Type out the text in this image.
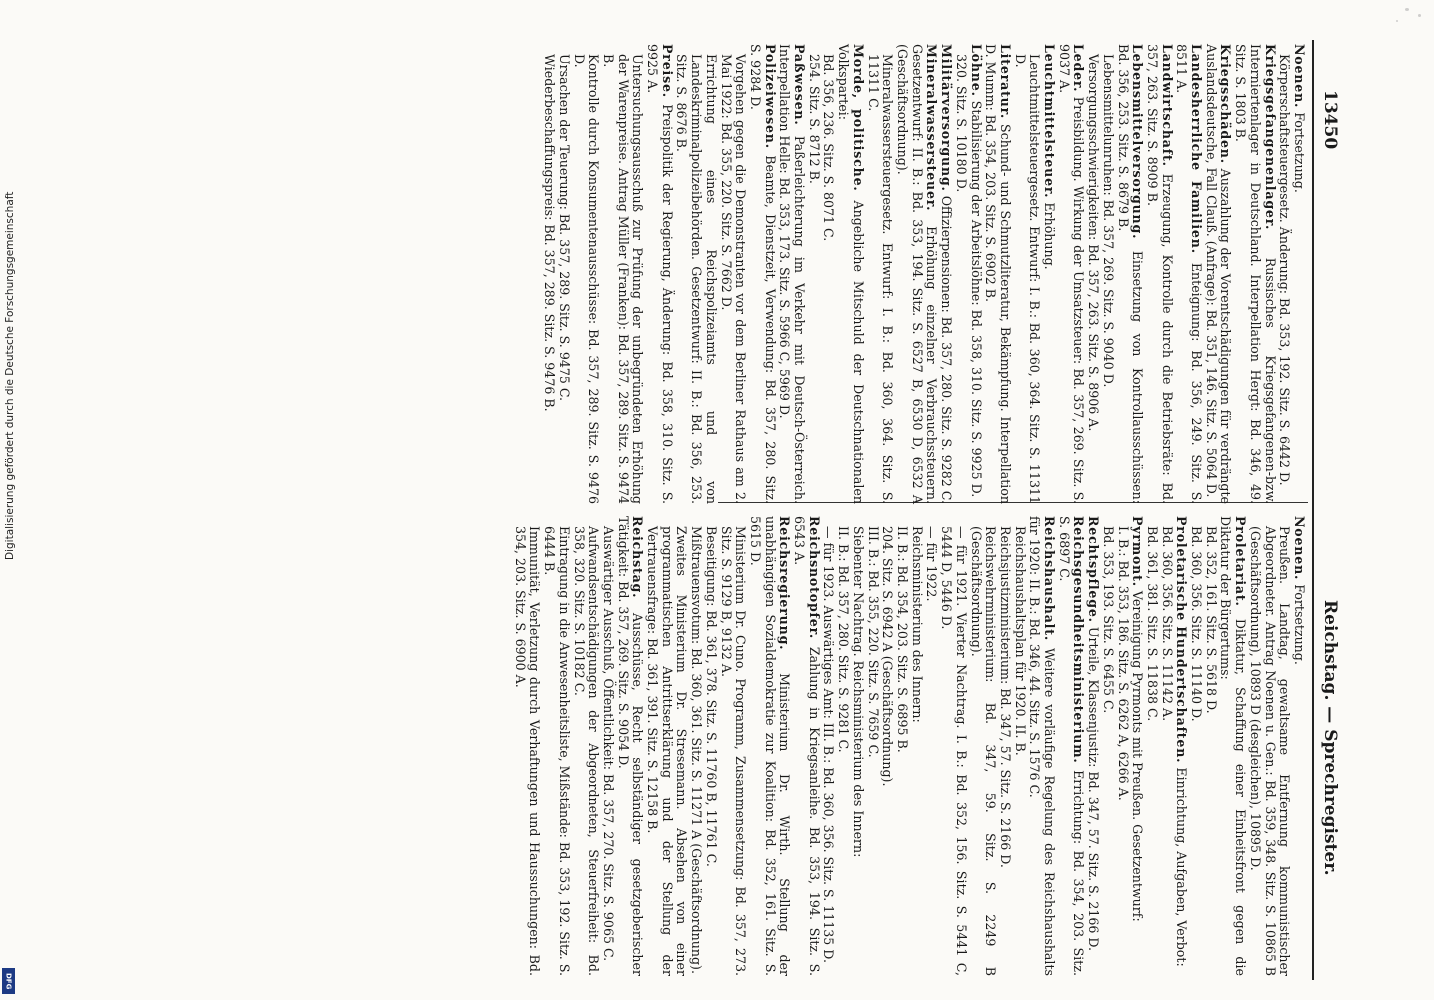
13450
Reichstag. — Sprechregister.
Noenen. Fortsetzung.
Körperschaftsteuergesetz. Änderung: Bd. 353, 192. Sitz. S. 6442 D.
Kriegsgefangenenlager. Russisches Kriegsgefangenen-bzw. Interniertenlager in Deutschland. Interpellation Hergt: Bd. 346, 49. Sitz. S. 1803 B.
Kriegsschäden. Auszahlung der Vorentschädigungen für verdrängte Auslandsdeutsche, Fall Clauß. (Anfrage): Bd. 351, 146. Sitz. S. 5064 D.
Landesherrliche Familien. Enteignung: Bd. 356, 249. Sitz. S. 8511 A.
Landwirtschaft. Erzeugung, Kontrolle durch die Betriebsräte: Bd. 357, 263. Sitz. S. 8909 B.
Lebensmittelversorgung. Einsetzung von Kontrollausschüssen: Bd. 356, 253. Sitz. S. 8679 B.
Lebensmittelunruhen: Bd. 357, 269. Sitz. S. 9040 D.
Versorgungsschwierigkeiten: Bd. 357, 263. Sitz. S. 8906 A.
Leder. Preisbildung. Wirkung der Umsatzsteuer: Bd. 357, 269. Sitz. S. 9037 A.
Leuchtmittelsteuer. Erhöhung.
Leuchtmittelsteuergesetz. Entwurf: I. B.: Bd. 360, 364. Sitz. S. 11311 D.
Literatur. Schund- und Schmutzliteratur, Bekämpfung. Interpellation D. Mumm: Bd. 354, 203. Sitz. S. 6902 B.
Löhne. Stabilisierung der Arbeitslöhne: Bd. 358, 310. Sitz. S. 9925 D.
320. Sitz. S. 10180 D.
Militärversorgung. Offizierpensionen: Bd. 357, 280. Sitz. S. 9282 C.
Mineralwassersteuer. Erhöhung einzelner Verbrauchssteuern. Gesetzentwurf: II. B.: Bd. 353, 194. Sitz. S. 6527 B, 6530 D, 6532 A (Geschäftsordnung).
Mineralwassersteuergesetz. Entwurf: I. B.: Bd. 360, 364. Sitz. S. 11311 C.
Morde, politische. Angebliche Mitschuld der Deutschnationalen Volkspartei:
Bd. 356, 236. Sitz. S. 8071 C.
254. Sitz. S. 8712 B.
Paßwesen. Paßerleichterung im Verkehr mit Deutsch-Österreich. Interpellation Helle: Bd. 353, 173. Sitz. S. 5966 C, 5969 D.
Polizeiwesen. Beamte, Dienstzeit, Verwendung: Bd. 357, 280. Sitz. S. 9284 D.
Vorgehen gegen die Demonstranten vor dem Berliner Rathaus am 2. Mai 1922: Bd. 355, 220. Sitz. S. 7662 D.
Errichtung eines Reichspolizeiamts und von Landeskriminalpolizeibehörden. Gesetzentwurf: II. B.: Bd. 356, 253. Sitz. S. 8676 B.
Preise. Preispolitik der Regierung, Änderung: Bd. 358, 310. Sitz. S. 9925 A.
Untersuchungsausschuß zur Prüfung der unbegründeten Erhöhung der Warenpreise. Antrag Müller (Franken): Bd. 357, 289. Sitz. S. 9474 B.
Kontrolle durch Konsumentenausschüsse: Bd. 357, 289. Sitz. S. 9476 D.
Ursachen der Teuerung: Bd. 357, 289. Sitz. S. 9475 C.
Wiederbeschaffungspreis: Bd. 357, 289. Sitz. S. 9476 B.
Noenen. Fortsetzung.
Preußen. Landtag, gewaltsame Entfernung kommunistischer Abgeordneter. Antrag Noenen u. Gen.: Bd. 359, 348. Sitz. S. 10865 B (Geschäftsordnung), 10893 D (desgleichen), 10895 D.
Proletariat. Diktatur, Schaffung einer Einheitsfront gegen die Diktatur der Bürgertums:
Bd. 352, 161. Sitz. S. 5618 D.
Bd. 360, 356. Sitz. S. 11140 D.
Proletarische Hundertschaften. Einrichtung, Aufgaben, Verbot:
Bd. 360, 356. Sitz. S. 11142 A.
Bd. 361, 381. Sitz. S. 11838 C.
Pyrmont. Vereinigung Pyrmonts mit Preußen. Gesetzentwurf:
I. B.: Bd. 353, 186. Sitz. S. 6262 A, 6266 A.
Bd. 353, 193. Sitz. S. 6455 C.
Rechtspflege. Urteile, Klassenjustiz: Bd. 347, 57. Sitz. S. 2166 D.
Reichsgesundheitsministerium. Errichtung: Bd. 354, 203. Sitz. S. 6897 C.
Reichshaushalt. Weitere vorläufige Regelung des Reichshaushalts für 1920: II. B.: Bd. 346, 44. Sitz. S. 1576 C.
Reichshaushaltsplan für 1920. II. B.
Reichsjustizministerium: Bd. 347, 57. Sitz. S. 2166 D.
Reichswehrministerium: Bd. 347, 59. Sitz. S. 2249 B (Geschäftsordnung).
— für 1921. Vierter Nachtrag. I. B.: Bd. 352, 156. Sitz. S. 5441 C, 5444 D, 5446 D.
— für 1922.
Reichsministerium des Innern:
II. B.: Bd. 354, 203. Sitz. S. 6895 B.
204. Sitz. S. 6942 A (Geschäftsordnung).
III. B.: Bd. 355, 220. Sitz. S. 7659 C.
Siebenter Nachtrag. Reichsministerium des Innern:
II. B.: Bd. 357, 280. Sitz. S. 9281 C.
— für 1923. Auswärtiges Amt: III. B.: Bd. 360, 356. Sitz. S. 11135 D.
Reichsnotopfer. Zahlung in Kriegsanleihe. Bd. 353, 194. Sitz. S. 6543 A.
Reichsregierung. Ministerium Dr. Wirth. Stellung der unabhängigen Sozialdemokratie zur Koalition: Bd. 352, 161. Sitz. S. 5615 D.
Ministerium Dr. Cuno. Programm, Zusammensetzung: Bd. 357, 273. Sitz. S. 9129 B, 9132 A.
Beseitigung: Bd. 361, 378. Sitz. S. 11760 B, 11761 C.
Mißtrauensvotum: Bd. 360, 361. Sitz. S. 11271 A (Geschäftsordnung).
Zweites Ministerium Dr. Stresemann. Absehen von einer programmatischen Antrittserklärung und der Stellung der Vertrauensfrage: Bd. 361, 391. Sitz. S. 12158 B.
Reichstag. Ausschüsse, Recht selbständiger gesetzgeberischer Tätigkeit: Bd. 357, 269. Sitz. S. 9054 D.
Auswärtiger Ausschuß, Öffentlichkeit: Bd. 357, 270. Sitz. S. 9065 C.
Aufwandsentschädigungen der Abgeordneten, Steuerfreiheit: Bd. 358, 320. Sitz. S. 10182 C.
Eintragung in die Anwesenheitsliste, Mißstände: Bd. 353, 192. Sitz. S. 6444 B.
Immunität, Verletzung durch Verhaftungen und Haussuchungen: Bd. 354, 203. Sitz. S. 6900 A.
Digitalisierung gefördert durch die Deutsche Forschungsgemeinschaft
DFG
